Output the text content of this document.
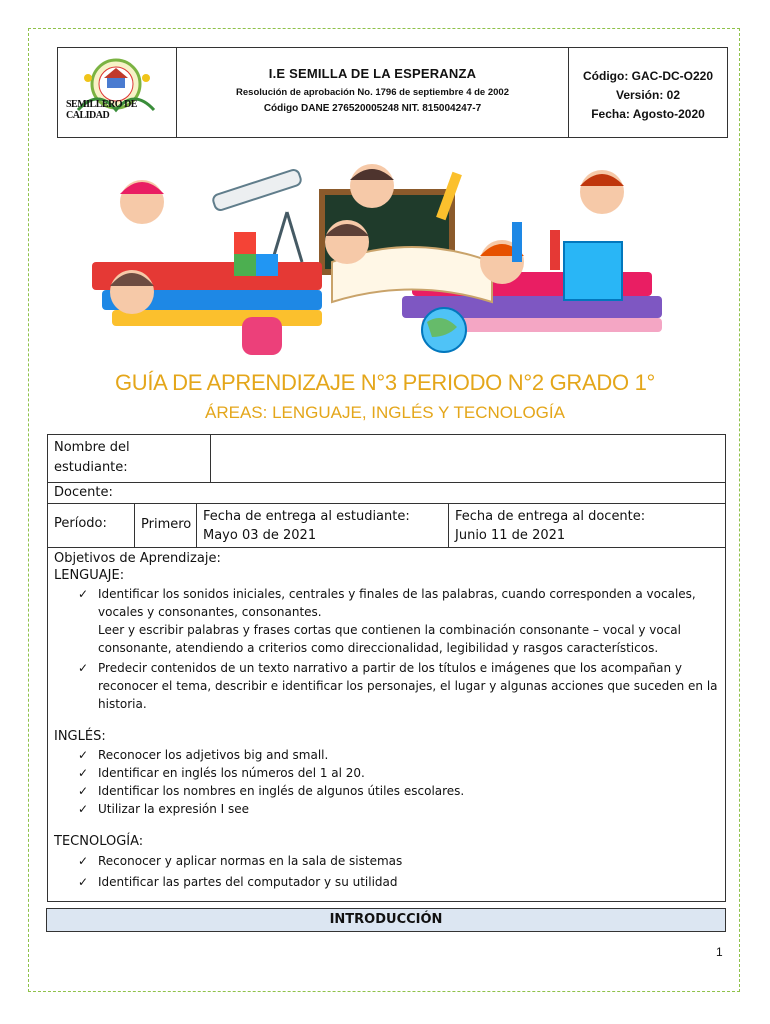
SEMILLERO DE CALIDAD
I.E SEMILLA DE LA ESPERANZA
Resolución de aprobación No. 1796 de septiembre 4 de 2002
Código DANE 276520005248 NIT. 815004247-7
Código: GAC-DC-O220
Versión: 02
Fecha: Agosto-2020
GUÍA DE APRENDIZAJE N°3 PERIODO N°2 GRADO 1°
ÁREAS: LENGUAJE, INGLÉS Y TECNOLOGÍA
Nombre del
estudiante:
Docente:
Período:	Primero
Fecha de entrega al estudiante:
Mayo 03 de 2021
Fecha de entrega al docente:
Junio 11 de 2021
Objetivos de Aprendizaje:
LENGUAJE:
✓ Identificar los sonidos iniciales, centrales y finales de las palabras, cuando corresponden a vocales, vocales y consonantes, consonantes.
Leer y escribir palabras y frases cortas que contienen la combinación consonante – vocal y vocal consonante, atendiendo a criterios como direccionalidad, legibilidad y rasgos característicos.
✓ Predecir contenidos de un texto narrativo a partir de los títulos e imágenes que los acompañan y reconocer el tema, describir e identificar los personajes, el lugar y algunas acciones que suceden en la historia.
INGLÉS:
✓ Reconocer los adjetivos big and small.
✓ Identificar en inglés los números del 1 al 20.
✓ Identificar los nombres en inglés de algunos útiles escolares.
✓ Utilizar la expresión I see
TECNOLOGÍA:
✓ Reconocer y aplicar normas en la sala de sistemas
✓ Identificar las partes del computador y su utilidad
INTRODUCCIÓN
1
